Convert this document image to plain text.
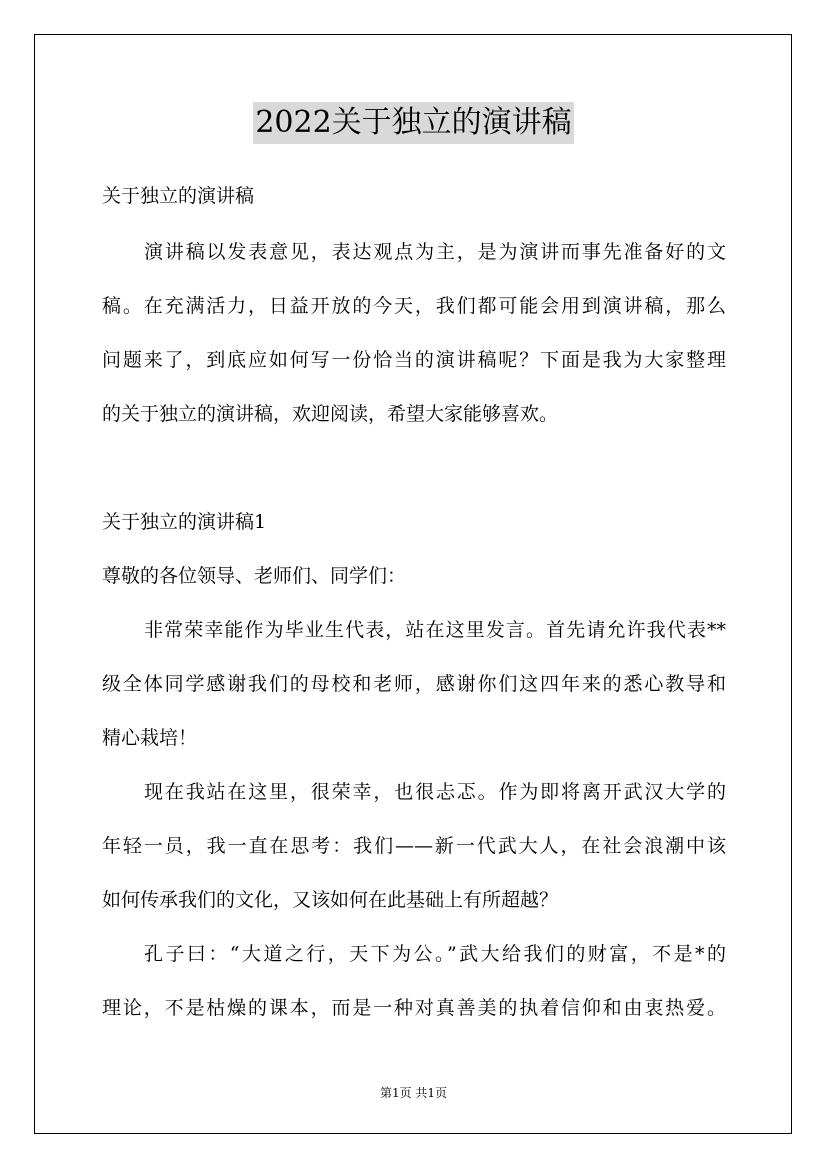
2022关于独立的演讲稿
关于独立的演讲稿
演讲稿以发表意见，表达观点为主，是为演讲而事先准备好的文
稿。在充满活力，日益开放的今天，我们都可能会用到演讲稿，那么
问题来了，到底应如何写一份恰当的演讲稿呢？下面是我为大家整理
的关于独立的演讲稿，欢迎阅读，希望大家能够喜欢。
关于独立的演讲稿1
尊敬的各位领导、老师们、同学们：
非常荣幸能作为毕业生代表，站在这里发言。首先请允许我代表**
级全体同学感谢我们的母校和老师，感谢你们这四年来的悉心教导和
精心栽培！
现在我站在这里，很荣幸，也很忐忑。作为即将离开武汉大学的
年轻一员，我一直在思考：我们——新一代武大人，在社会浪潮中该
如何传承我们的文化，又该如何在此基础上有所超越？
孔子曰：“大道之行，天下为公。”武大给我们的财富，不是*的
理论，不是枯燥的课本，而是一种对真善美的执着信仰和由衷热爱。
第1页 共1页
